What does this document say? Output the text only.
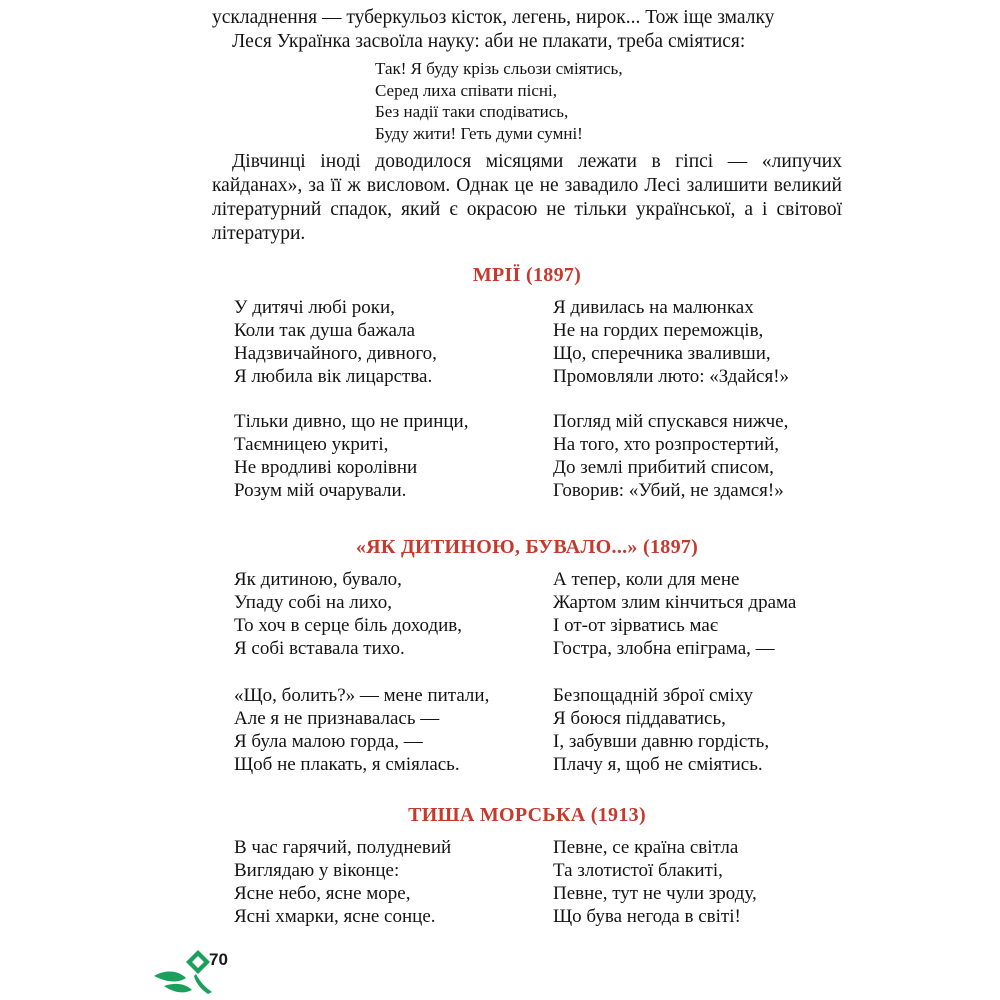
ускладнення — туберкульоз кісток, легень, нирок... Тож іще змалку

Леся Українка засвоїла науку: аби не плакати, треба сміятися:

Так! Я буду крізь сльози сміятись,
Серед лиха співати пісні,
Без надії таки сподіватись,
Буду жити! Геть думи сумні!
Дівчинці іноді доводилося місяцями лежати в гіпсі — «липучих кайданах», за її ж висловом. Однак це не завадило Лесі залишити великий літературний спадок, який є окрасою не тільки української, а і світової літератури.
МРІЇ (1897)
У дитячі любі роки,
Коли так душа бажала
Надзвичайного, дивного,
Я любила вік лицарства.
Я дивилась на малюнках
Не на гордих переможців,
Що, сперечника зваливши,
Промовляли люто: «Здайся!»
Тільки дивно, що не принци,
Таємницею укриті,
Не вродливі королівни
Розум мій очарували.
Погляд мій спускався нижче,
На того, хто розпростертий,
До землі прибитий списом,
Говорив: «Убий, не здамся!»
«ЯК ДИТИНОЮ, БУВАЛО...» (1897)
Як дитиною, бувало,
Упаду собі на лихо,
То хоч в серце біль доходив,
Я собі вставала тихо.
А тепер, коли для мене
Жартом злим кінчиться драма
І от-от зірватись має
Гостра, злобна епіграма, —
«Що, болить?» — мене питали,
Але я не признавалась —
Я була малою горда, —
Щоб не плакать, я сміялась.
Безпощадній зброї сміху
Я боюся піддаватись,
І, забувши давню гордість,
Плачу я, щоб не сміятись.
ТИША МОРСЬКА (1913)
В час гарячий, полудневий
Виглядаю у віконце:
Ясне небо, ясне море,
Ясні хмарки, ясне сонце.
Певне, се країна світла
Та злотистої блакиті,
Певне, тут не чули зроду,
Що бува негода в світі!
70
